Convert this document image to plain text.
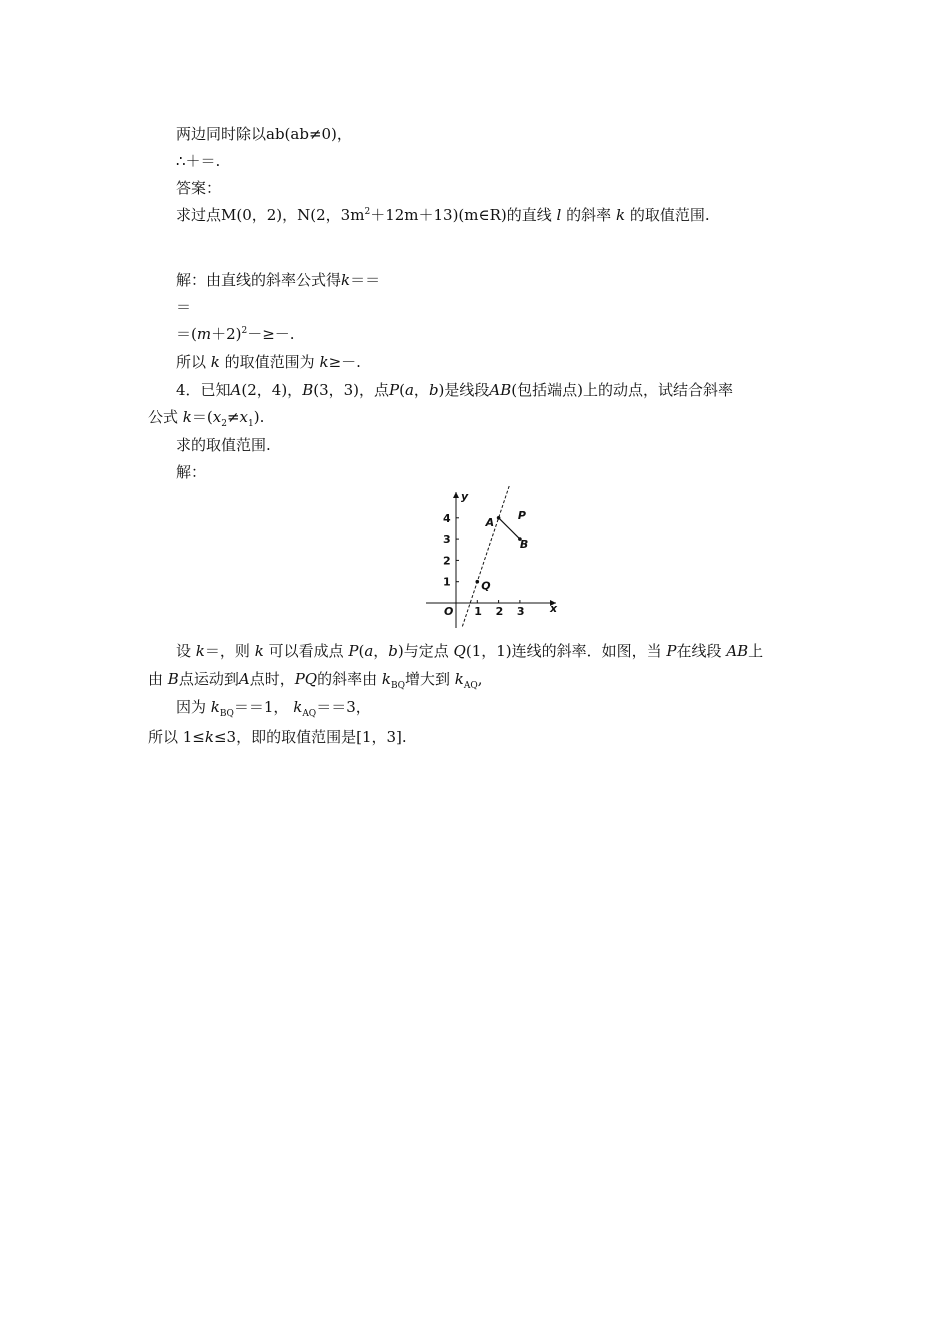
两边同时除以ab(ab≠0)，
∴＋＝.
答案：
求过点M(0，2)，N(2，$3m^2+12m+13)(m\in R)$的直线 l 的斜率 k 的取值范围.
解：由直线的斜率公式得k＝＝
＝
$=(m+2)^2-\ge-$.
所以 k 的取值范围为 k≥－.
4．已知A(2，4)，B(3，3)，点P(a，b)是线段AB(包括端点)上的动点，试结合斜率
公式 $k=(x_2\ne x_1)$.
求的取值范围.
解：
x
y
O 1 2 3
1
2
3
4	A
B
P
Q
设 k＝，则 k 可以看成点 P(a，b)与定点 Q(1，1)连线的斜率．如图，当 P在线段 AB上
由 B点运动到A点时，PQ的斜率由 $k_{BQ}$增大到 $k_{AQ}$,
因为 $k_{BQ}==1$， $k_{AQ}==3$，
所以 1≤k≤3，即的取值范围是[1，3].
